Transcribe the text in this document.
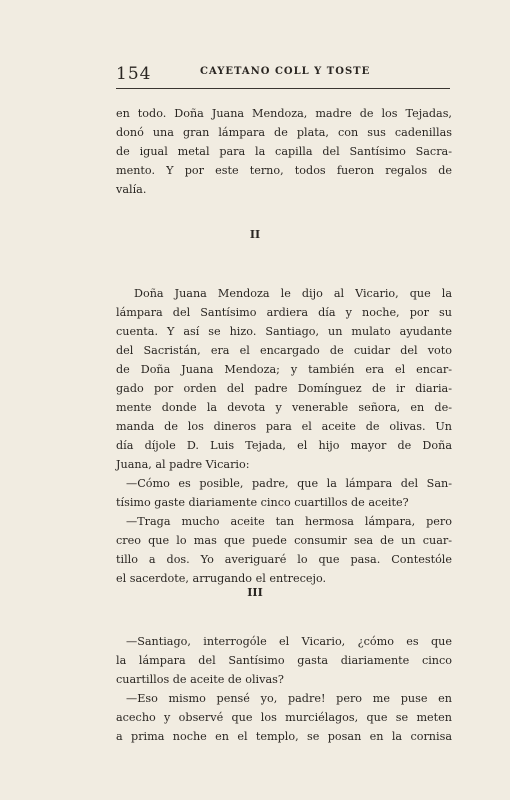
154	CAYETANO COLL Y TOSTE
en todo. Doña Juana Mendoza, madre de los Tejadas,
donó una gran lámpara de plata, con sus cadenillas
de igual metal para la capilla del Santísimo Sacra-
mento. Y por este terno, todos fueron regalos de
valía.
II
Doña Juana Mendoza le dijo al Vicario, que la
lámpara del Santísimo ardiera día y noche, por su
cuenta. Y así se hizo. Santiago, un mulato ayudante
del Sacristán, era el encargado de cuidar del voto
de Doña Juana Mendoza; y también era el encar-
gado por orden del padre Domínguez de ir diaria-
mente donde la devota y venerable señora, en de-
manda de los dineros para el aceite de olivas. Un
día díjole D. Luis Tejada, el hijo mayor de Doña
Juana, al padre Vicario:
—Cómo es posible, padre, que la lámpara del San-
tísimo gaste diariamente cinco cuartillos de aceite?
—Traga mucho aceite tan hermosa lámpara, pero
creo que lo mas que puede consumir sea de un cuar-
tillo a dos. Yo averiguaré lo que pasa. Contestóle
el sacerdote, arrugando el entrecejo.
III
—Santiago, interrogóle el Vicario, ¿cómo es que
la lámpara del Santísimo gasta diariamente cinco
cuartillos de aceite de olivas?
—Eso mismo pensé yo, padre! pero me puse en
acecho y observé que los murciélagos, que se meten
a prima noche en el templo, se posan en la cornisa
